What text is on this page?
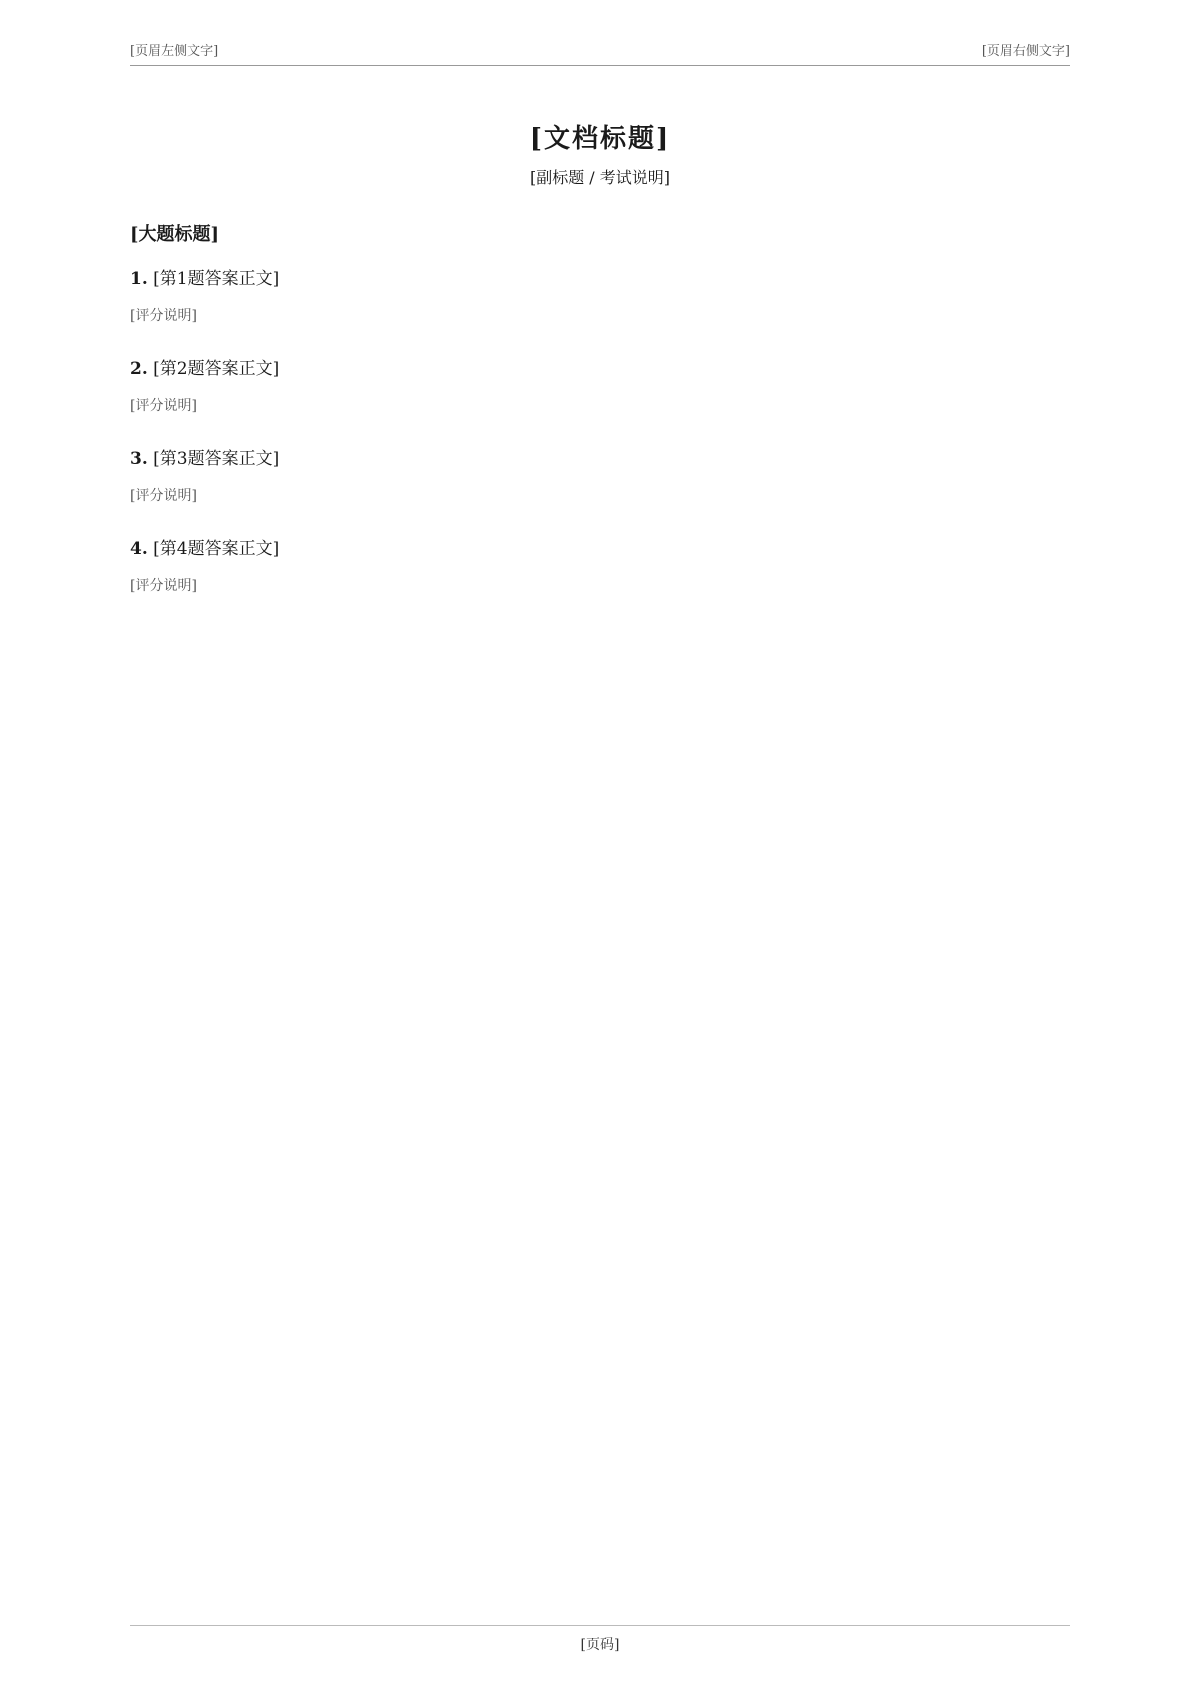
[页眉左侧文字]	[页眉右侧文字]
[文档标题]

[副标题 / 考试说明]

[大题标题]

1. [第1题答案正文]

[评分说明]

2. [第2题答案正文]

[评分说明]

3. [第3题答案正文]

[评分说明]

4. [第4题答案正文]

[评分说明]
[页码]
